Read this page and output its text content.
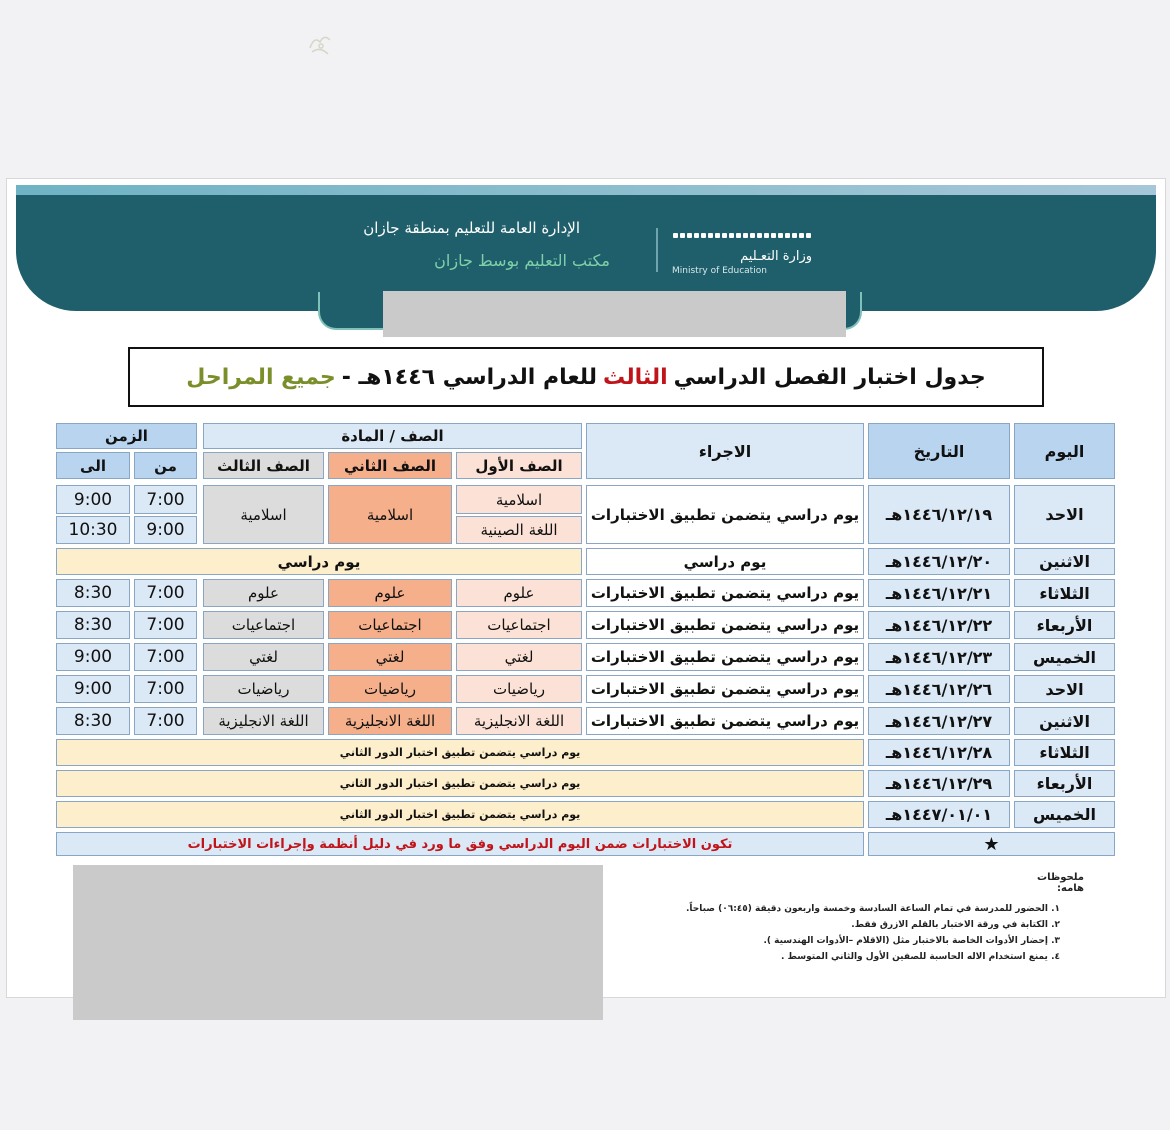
الإدارة العامة للتعليم بمنطقة جازان
مكتب التعليم بوسط جازان	وزارة التعـليم
Ministry of Education
جدول اختبار الفصل الدراسي
الثالث
للعام الدراسي ١٤٤٦هـ -
جميع المراحل
اليوم
التاريخ
الاجراء
الصف / المادة
الزمن
الصف الأول
الصف الثاني
الصف الثالث
من
الى
الاحد
١٤٤٦/١٢/١٩هـ
يوم دراسي يتضمن تطبيق الاختبارات
اسلامية
اللغة الصينية
اسلامية
اسلامية
7:00
9:00
9:00
10:30
الاثنين
١٤٤٦/١٢/٢٠هـ
يوم دراسي
يوم دراسي
الثلاثاء
١٤٤٦/١٢/٢١هـ
يوم دراسي يتضمن تطبيق الاختبارات
علوم
علوم
علوم
7:00
8:30
الأربعاء
١٤٤٦/١٢/٢٢هـ
يوم دراسي يتضمن تطبيق الاختبارات
اجتماعيات
اجتماعيات
اجتماعيات
7:00
8:30
الخميس
١٤٤٦/١٢/٢٣هـ
يوم دراسي يتضمن تطبيق الاختبارات
لغتي
لغتي
لغتي
7:00
9:00
الاحد
١٤٤٦/١٢/٢٦هـ
يوم دراسي يتضمن تطبيق الاختبارات
رياضيات
رياضيات
رياضيات
7:00
9:00
الاثنين
١٤٤٦/١٢/٢٧هـ
يوم دراسي يتضمن تطبيق الاختبارات
اللغة الانجليزية
اللغة الانجليزية
اللغة الانجليزية
7:00
8:30
الثلاثاء
١٤٤٦/١٢/٢٨هـ
يوم دراسي يتضمن تطبيق اختبار الدور الثاني
الأربعاء
١٤٤٦/١٢/٢٩هـ
يوم دراسي يتضمن تطبيق اختبار الدور الثاني
الخميس
١٤٤٧/٠١/٠١هـ
يوم دراسي يتضمن تطبيق اختبار الدور الثاني
★
تكون الاختبارات ضمن اليوم الدراسي وفق ما ورد في دليل أنظمة وإجراءات الاختبارات
ملحوظات هامه:
١. الحضور للمدرسة في تمام الساعة السادسة وخمسة واربعون دقيقة (٠٦:٤٥) صباحاً.
٢. الكتابة في ورقة الاختبار بالقلم الازرق فقط.
٣. إحضار الأدوات الخاصة بالاختبار مثل (الاقلام –الأدوات الهندسية ).
٤. يمنع استخدام الاله الحاسبة للصفين الأول والثاني المتوسط .
